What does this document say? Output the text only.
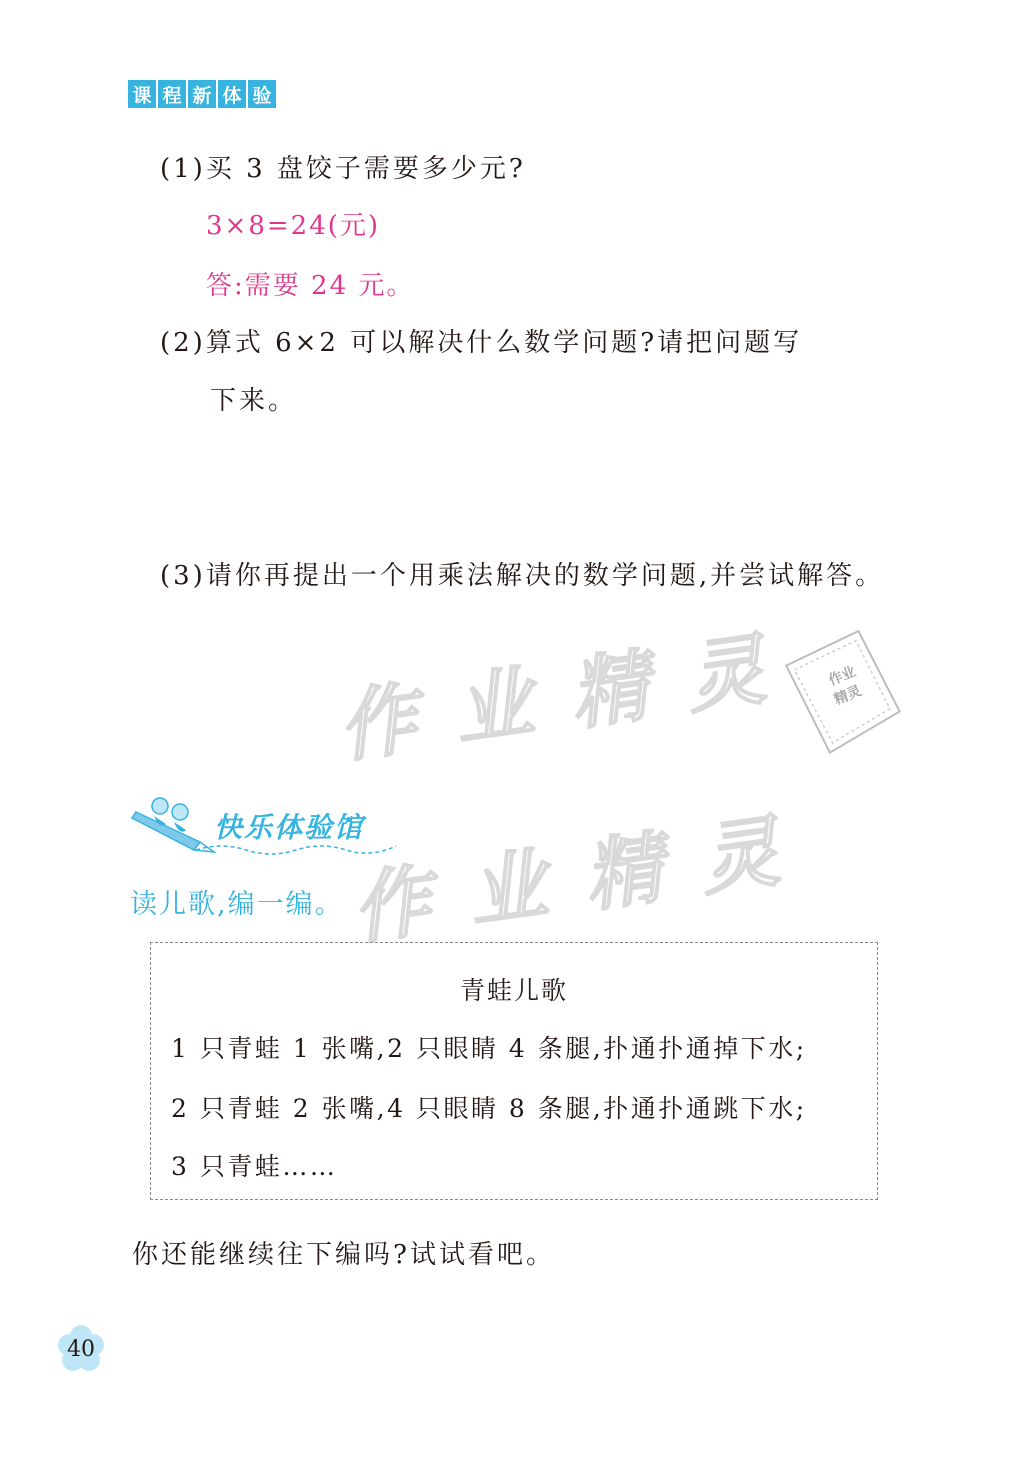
课 程 新 体 验
(1)买 3 盘饺子需要多少元?
3×8=24(元)
答:需要 24 元。
(2)算式 6×2 可以解决什么数学问题?请把问题写
下来。
(3)请你再提出一个用乘法解决的数学问题,并尝试解答。
作 业 精 灵	作业
精灵
快乐体验馆
作 业 精 灵
读儿歌,编一编。
青蛙儿歌
1 只青蛙 1 张嘴,2 只眼睛 4 条腿,扑通扑通掉下水;
2 只青蛙 2 张嘴,4 只眼睛 8 条腿,扑通扑通跳下水;
3 只青蛙……
你还能继续往下编吗?试试看吧。
40
